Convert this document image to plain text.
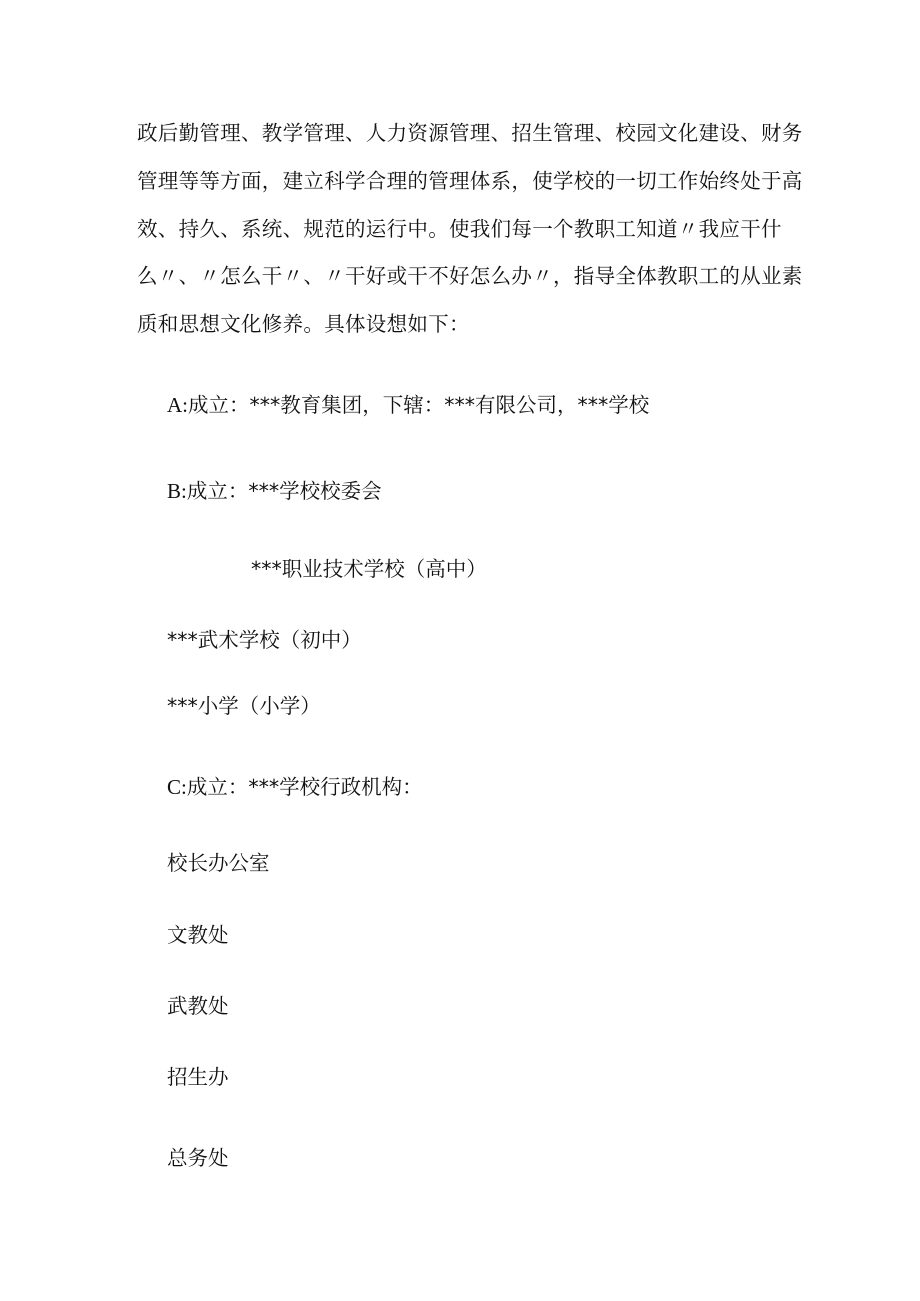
政后勤管理、教学管理、人力资源管理、招生管理、校园文化建设、财务
管理等等方面，建立科学合理的管理体系，使学校的一切工作始终处于高
效、持久、系统、规范的运行中。使我们每一个教职工知道〃我应干什
么〃、〃怎么干〃、〃干好或干不好怎么办〃，指导全体教职工的从业素
质和思想文化修养。具体设想如下：
A:成立：***教育集团，下辖：***有限公司，***学校
B:成立：***学校校委会
***职业技术学校（高中）
***武术学校（初中）
***小学（小学）
C:成立：***学校行政机构：
校长办公室
文教处
武教处
招生办
总务处
